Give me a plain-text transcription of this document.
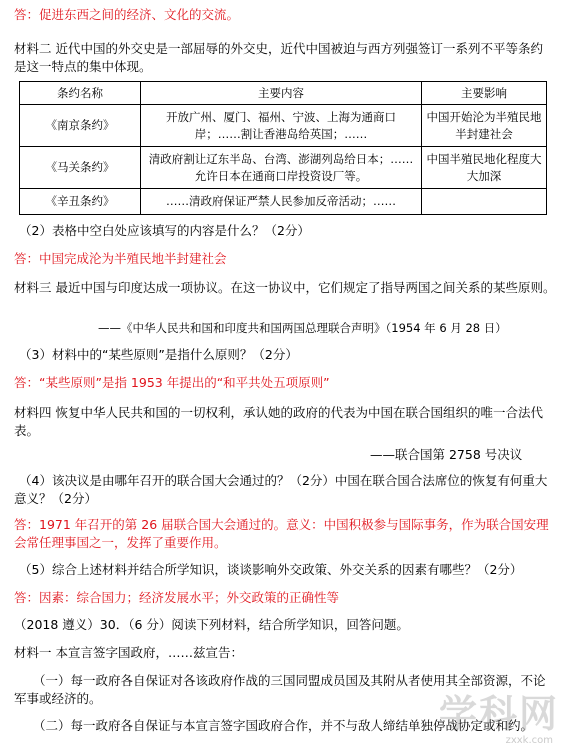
答：促进东西之间的经济、文化的交流。
材料二 近代中国的外交史是一部屈辱的外交史，近代中国被迫与西方列强签订一系列不平等条约
是这一特点的集中体现。
条约名称	主要内容	主要影响
《南京条约》	开放广州、厦门、福州、宁波、上海为通商口岸；……割让香港岛给英国；……	中国开始沦为半殖民地半封建社会
《马关条约》	清政府割让辽东半岛、台湾、澎湖列岛给日本；……允许日本在通商口岸投资设厂等。	中国半殖民地化程度大大加深
《辛丑条约》	……清政府保证严禁人民参加反帝活动；……	
（2）表格中空白处应该填写的内容是什么？（2分）
答：中国完成沦为半殖民地半封建社会
材料三 最近中国与印度达成一项协议。在这一协议中，它们规定了指导两国之间关系的某些原则。
——《中华人民共和国和印度共和国两国总理联合声明》（1954 年 6 月 28 日）
（3）材料中的“某些原则”是指什么原则？（2分）
答：“某些原则”是指 1953 年提出的“和平共处五项原则”
材料四 恢复中华人民共和国的一切权利，承认她的政府的代表为中国在联合国组织的唯一合法代
表。
——联合国第 2758 号决议
（4）该决议是由哪年召开的联合国大会通过的？（2分）中国在联合国合法席位的恢复有何重大
意义？（2分）
答：1971 年召开的第 26 届联合国大会通过的。意义：中国积极参与国际事务，作为联合国安理
会常任理事国之一，发挥了重要作用。
（5）综合上述材料并结合所学知识，谈谈影响外交政策、外交关系的因素有哪些？（2分）
答：因素：综合国力；经济发展水平；外交政策的正确性等
（2018 遵义）30．（6 分）阅读下列材料，结合所学知识，回答问题。
材料一 本宣言签字国政府，……兹宣告：
（一）每一政府各自保证对各该政府作战的三国同盟成员国及其附从者使用其全部资源，不论
军事或经济的。
（二）每一政府各自保证与本宣言签字国政府合作，并不与敌人缔结单独停战协定或和约。
学科网
zxxk.com
